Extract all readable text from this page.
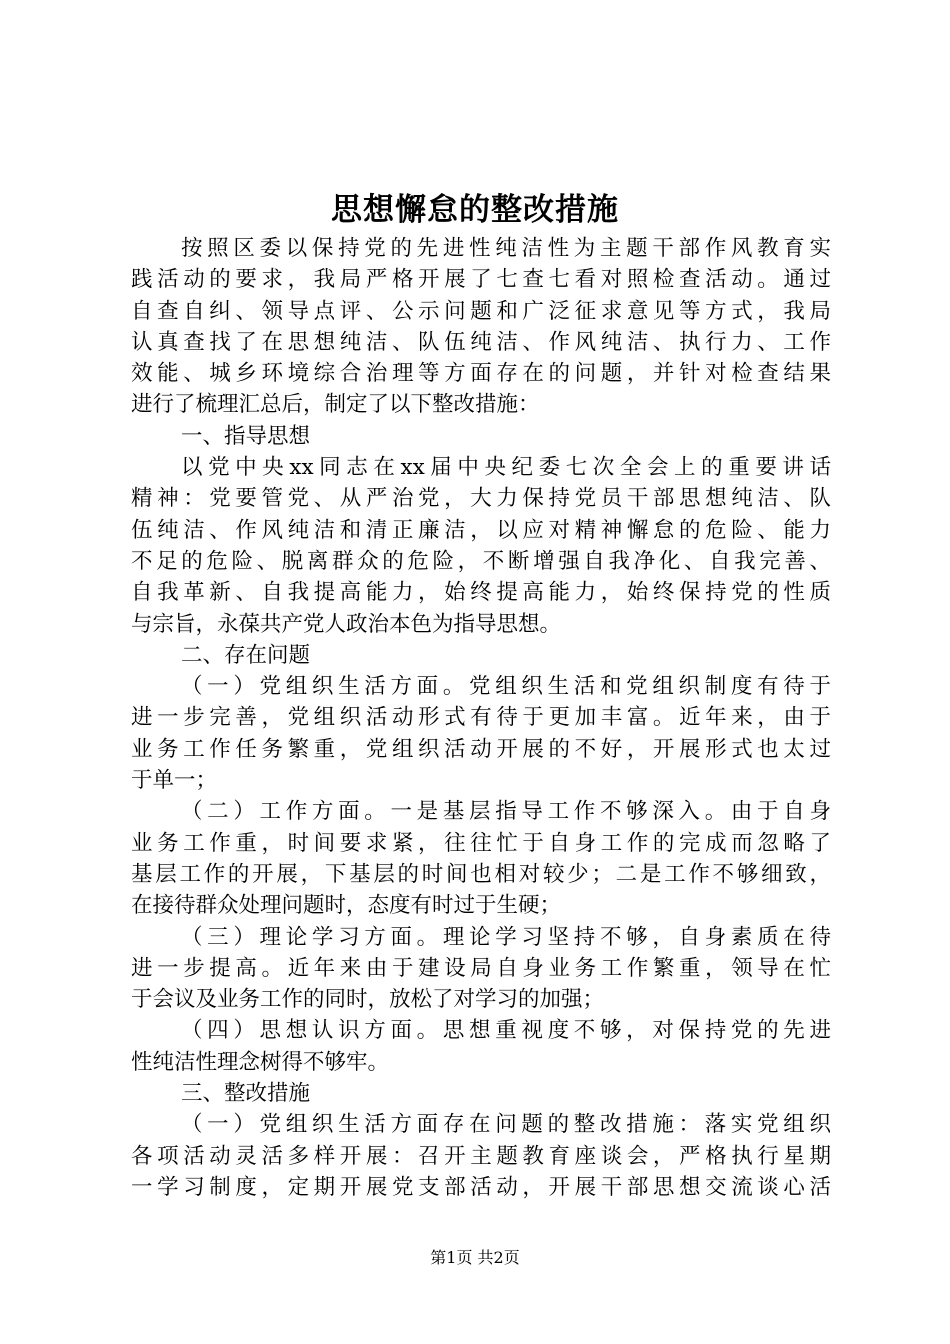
思想懈怠的整改措施
按照区委以保持党的先进性纯洁性为主题干部作风教育实
践活动的要求，我局严格开展了七查七看对照检查活动。通过
自查自纠、领导点评、公示问题和广泛征求意见等方式，我局
认真查找了在思想纯洁、队伍纯洁、作风纯洁、执行力、工作
效能、城乡环境综合治理等方面存在的问题，并针对检查结果
进行了梳理汇总后，制定了以下整改措施：
一、指导思想
以党中央xx同志在xx届中央纪委七次全会上的重要讲话
精神：党要管党、从严治党，大力保持党员干部思想纯洁、队
伍纯洁、作风纯洁和清正廉洁，以应对精神懈怠的危险、能力
不足的危险、脱离群众的危险，不断增强自我净化、自我完善、
自我革新、自我提高能力，始终提高能力，始终保持党的性质
与宗旨，永葆共产党人政治本色为指导思想。
二、存在问题
（一）党组织生活方面。党组织生活和党组织制度有待于
进一步完善，党组织活动形式有待于更加丰富。近年来，由于
业务工作任务繁重，党组织活动开展的不好，开展形式也太过
于单一；
（二）工作方面。一是基层指导工作不够深入。由于自身
业务工作重，时间要求紧，往往忙于自身工作的完成而忽略了
基层工作的开展，下基层的时间也相对较少；二是工作不够细致，
在接待群众处理问题时，态度有时过于生硬；
（三）理论学习方面。理论学习坚持不够，自身素质在待
进一步提高。近年来由于建设局自身业务工作繁重，领导在忙
于会议及业务工作的同时，放松了对学习的加强；
（四）思想认识方面。思想重视度不够，对保持党的先进
性纯洁性理念树得不够牢。
三、整改措施
（一）党组织生活方面存在问题的整改措施：落实党组织
各项活动灵活多样开展：召开主题教育座谈会，严格执行星期
一学习制度，定期开展党支部活动，开展干部思想交流谈心活
第1页 共2页
